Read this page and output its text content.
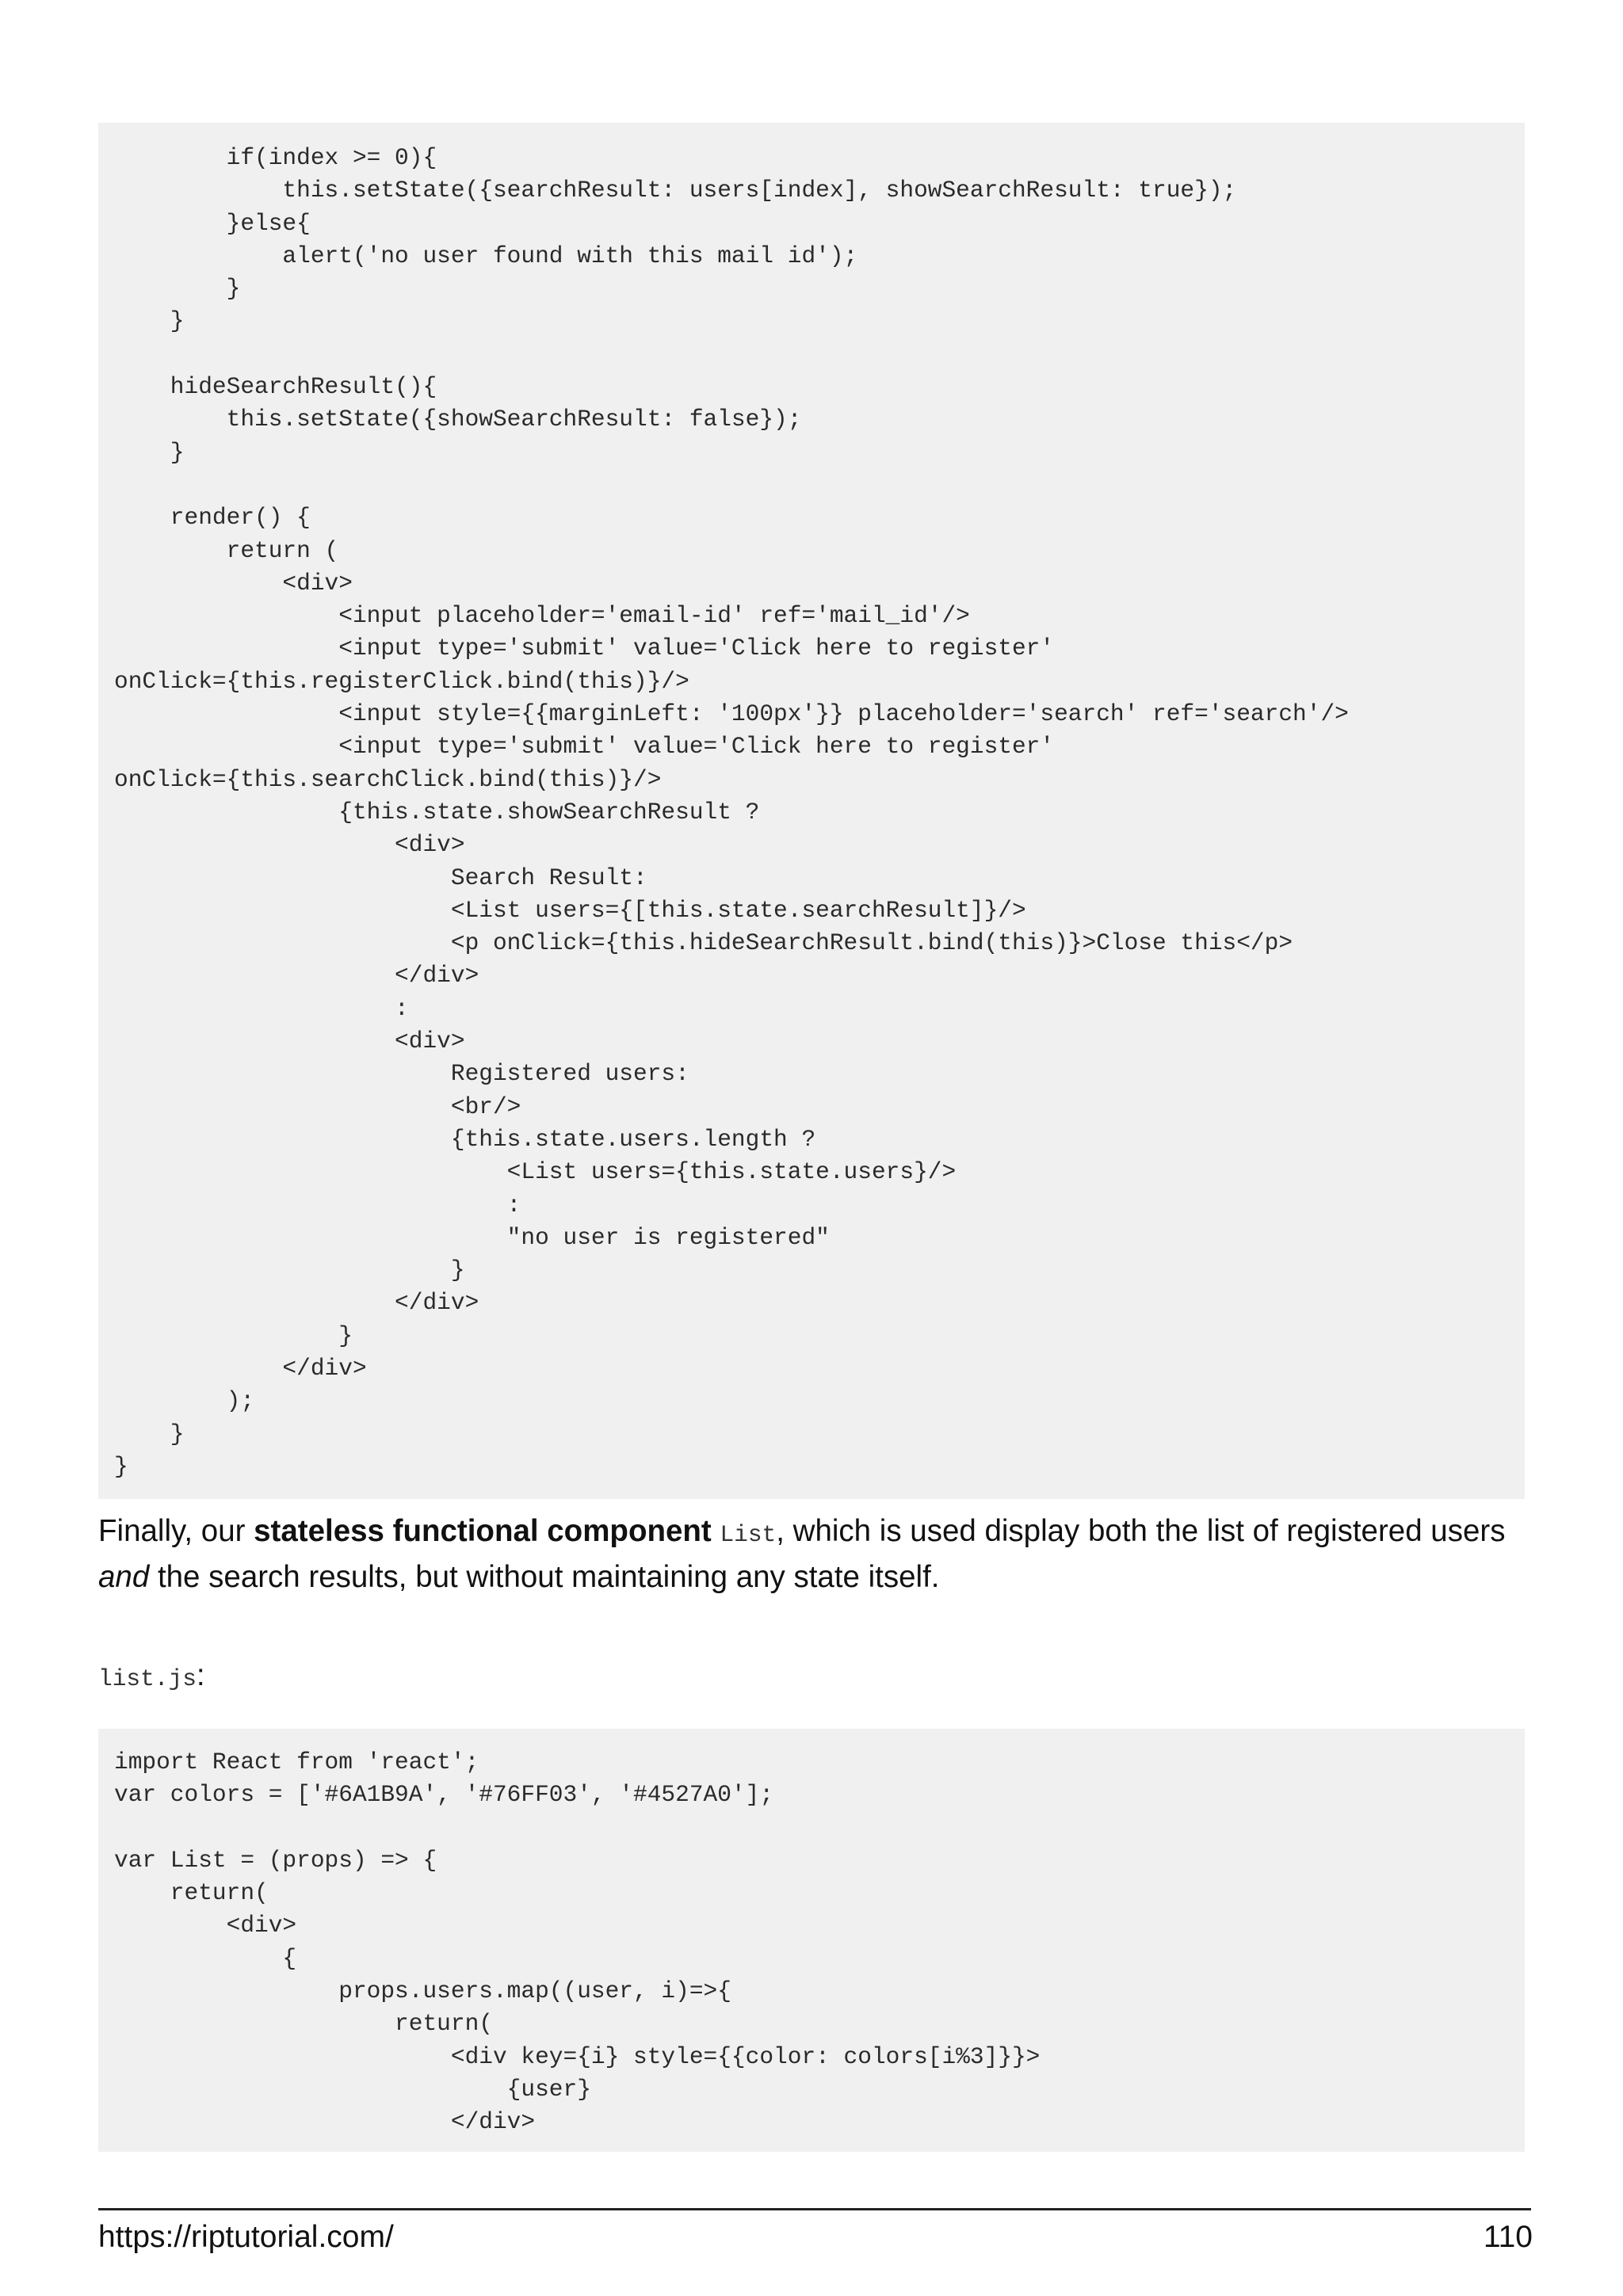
if(index >= 0){
this.setState({searchResult: users[index], showSearchResult: true});
}else{
alert('no user found with this mail id');
}
}

hideSearchResult(){
this.setState({showSearchResult: false});
}

render() {
return (
<div>
<input placeholder='email-id' ref='mail_id'/>
<input type='submit' value='Click here to register'
onClick={this.registerClick.bind(this)}/>
<input style={{marginLeft: '100px'}} placeholder='search' ref='search'/>
<input type='submit' value='Click here to register'
onClick={this.searchClick.bind(this)}/>
{this.state.showSearchResult ?
<div>
Search Result:
<List users={[this.state.searchResult]}/>
<p onClick={this.hideSearchResult.bind(this)}>Close this</p>
</div>
:
<div>
Registered users:
<br/>
{this.state.users.length ?
<List users={this.state.users}/>
:
"no user is registered"
}
</div>
}
</div>
);
}
}
Finally, our stateless functional component List, which is used display both the list of registered users and the search results, but without maintaining any state itself.
list.js:
import React from 'react';
var colors = ['#6A1B9A', '#76FF03', '#4527A0'];

var List = (props) => {
return(
<div>
{
props.users.map((user, i)=>{
return(
<div key={i} style={{color: colors[i%3]}}>
{user}
</div>
https://riptutorial.com/	110
